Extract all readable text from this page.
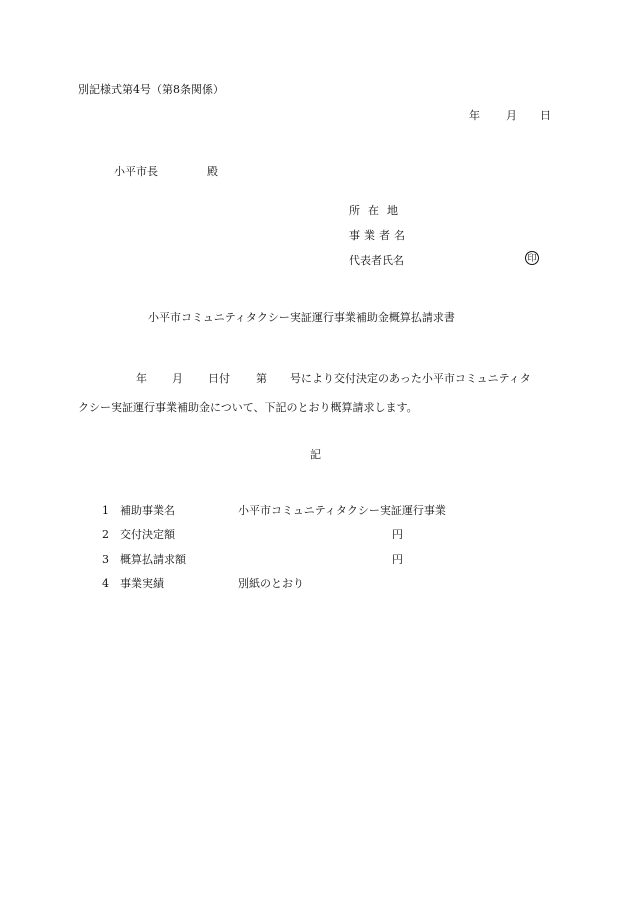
別記様式第4号（第8条関係）
年 月 日
小平市長	殿
所在地
事業者名
代表者氏名	印
小平市コミュニティタクシー実証運行事業補助金概算払請求書
年 月 日付 第 号により交付決定のあった小平市コミュニティタ
クシー実証運行事業補助金について、下記のとおり概算請求します。
記
1 補助事業名	小平市コミュニティタクシー実証運行事業
2 交付決定額	円
3 概算払請求額	円
4 事業実績	別紙のとおり
